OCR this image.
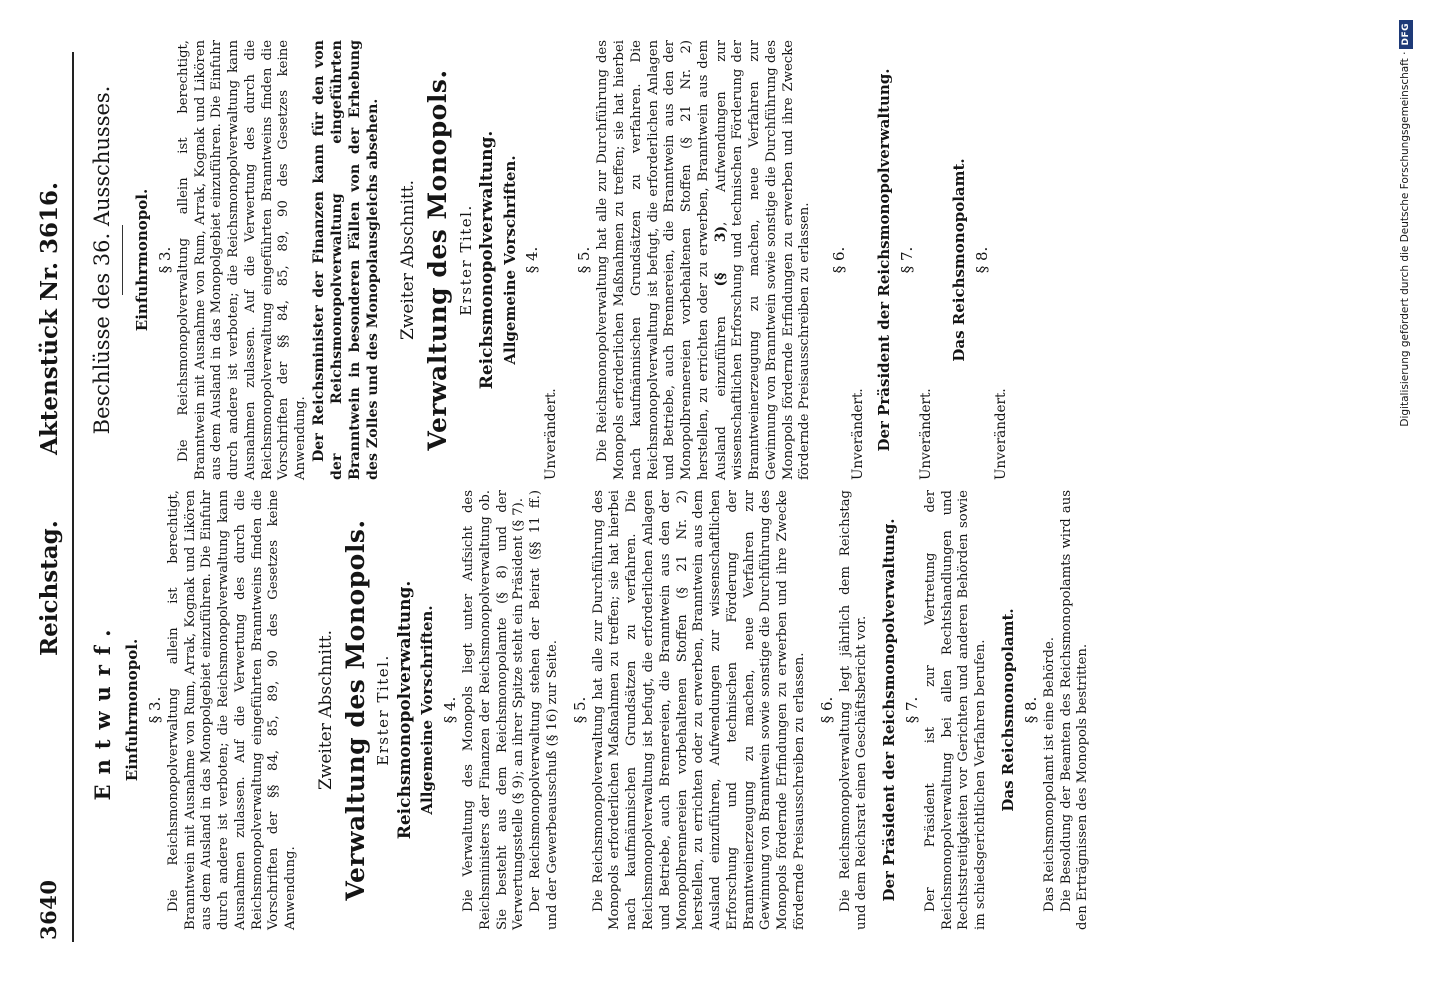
3640
Reichstag.
Aktenstück Nr. 3616.
Entwurf. Einfuhrmonopol. § 3. Die Reichsmonopolverwaltung allein ist berechtigt, Branntwein mit Ausnahme von Rum, Arrak, Kognak und Likören aus dem Ausland in das Monopolgebiet einzuführen. Die Einfuhr durch andere ist verboten; die Reichsmonopolverwaltung kann Ausnahmen zulassen. Auf die Verwertung des durch die Reichsmonopolverwaltung eingeführten Branntweins finden die Vorschriften der §§ 84, 85, 89, 90 des Gesetzes keine Anwendung.

Zweiter Abschnitt. Verwaltung des Monopols. Erster Titel. Reichsmonopolverwaltung. Allgemeine Vorschriften. § 4. Die Verwaltung des Monopols liegt unter Aufsicht des Reichsministers der Finanzen der Reichsmonopolverwaltung ob. Sie besteht aus dem Reichsmonopolamte (§ 8) und der Verwertungsstelle (§ 9); an ihrer Spitze steht ein Präsident (§ 7). Der Reichsmonopolverwaltung stehen der Beirat (§§ 11 ff.) und der Gewerbeausschuß (§ 16) zur Seite. § 5. Die Reichsmonopolverwaltung hat alle zur Durchführung des Monopols erforderlichen Maßnahmen zu treffen; sie hat hierbei nach kaufmännischen Grundsätzen zu verfahren. Die Reichsmonopolverwaltung ist befugt, die erforderlichen Anlagen und Betriebe, auch Brennereien, die Branntwein aus den der Monopolbrennereien vorbehaltenen Stoffen (§ 21 Nr. 2) herstellen, zu errichten oder zu erwerben, Branntwein aus dem Ausland einzuführen, Aufwendungen zur wissenschaftlichen Erforschung und technischen Förderung der Branntweinerzeugung zu machen, neue Verfahren zur Gewinnung von Branntwein sowie sonstige die Durchführung des Monopols fördernde Erfindungen zu erwerben und ihre Zwecke fördernde Preisausschreiben zu erlassen. § 6. Die Reichsmonopolverwaltung legt jährlich dem Reichstag und dem Reichsrat einen Geschäftsbericht vor. Der Präsident der Reichsmonopolverwaltung. § 7. Der Präsident ist zur Vertretung der Reichsmonopolverwaltung bei allen Rechtshandlungen und Rechtsstreitigkeiten vor Gerichten und anderen Behörden sowie im schiedsgerichtlichen Verfahren berufen. Das Reichsmonopolamt. § 8. Das Reichsmonopolamt ist eine Behörde. Die Besoldung der Beamten des Reichsmonopolamts wird aus den Erträgnissen des Monopols bestritten.

Beschlüsse des 36. Ausschusses. Einfuhrmonopol. § 3. Die Reichsmonopolverwaltung allein ist berechtigt, Branntwein mit Ausnahme von Rum, Arrak, Kognak und Likören aus dem Ausland in das Monopolgebiet einzuführen. Die Einfuhr durch andere ist verboten; die Reichsmonopolverwaltung kann Ausnahmen zulassen. Auf die Verwertung des durch die Reichsmonopolverwaltung eingeführten Branntweins finden die Vorschriften der §§ 84, 85, 89, 90 des Gesetzes keine Anwendung. Der Reichsminister der Finanzen kann für den von der Reichsmonopolverwaltung eingeführten Branntwein in besonderen Fällen von der Erhebung des Zolles und des Monopolausgleichs absehen. Zweiter Abschnitt. Verwaltung des Monopols. Erster Titel. Reichsmonopolverwaltung. Allgemeine Vorschriften. § 4.

Unverändert.

§ 5. Die Reichsmonopolverwaltung hat alle zur Durchführung des Monopols erforderlichen Maßnahmen zu treffen; sie hat hierbei nach kaufmännischen Grundsätzen zu verfahren. Die Reichsmonopolverwaltung ist befugt, die erforderlichen Anlagen und Betriebe, auch Brennereien, die Branntwein aus den der Monopolbrennereien vorbehaltenen Stoffen (§ 21 Nr. 2) herstellen, zu errichten oder zu erwerben, Branntwein aus dem Ausland einzuführen (§ 3), Aufwendungen zur wissenschaftlichen Erforschung und technischen Förderung der Branntweinerzeugung zu machen, neue Verfahren zur Gewinnung von Branntwein sowie sonstige die Durchführung des Monopols fördernde Erfindungen zu erwerben und ihre Zwecke fördernde Preisausschreiben zu erlassen. § 6.

Unverändert. Der Präsident der Reichsmonopolverwaltung. § 7.

Unverändert.

Das Reichsmonopolamt. § 8.

Unverändert.

Digitalisierung gefördert durch die Deutsche Forschungsgemeinschaft ·DFG
